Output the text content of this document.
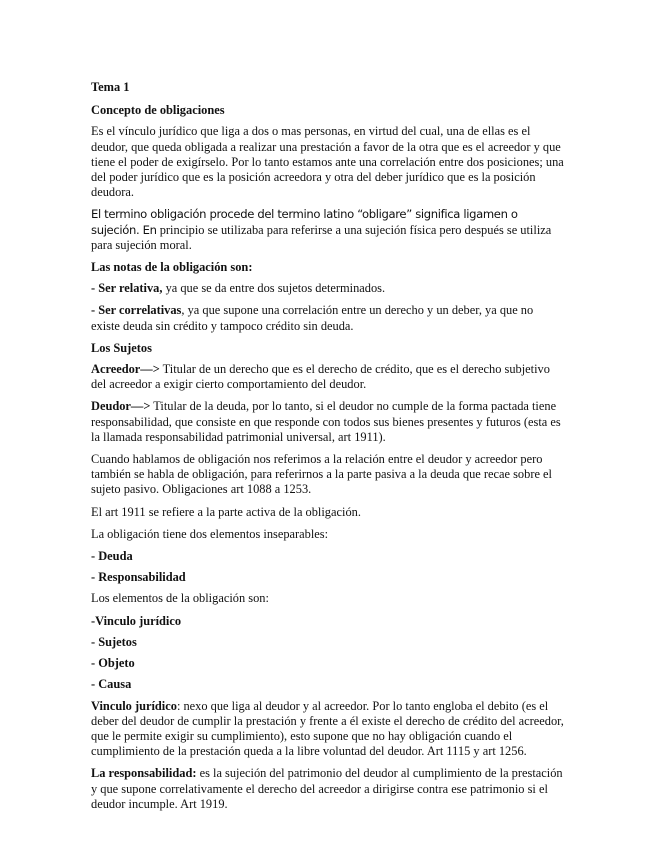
Tema 1

Concepto de obligaciones

Es el vínculo jurídico que liga a dos o mas personas, en virtud del cual, una de ellas es el deudor, que queda obligada a realizar una prestación a favor de la otra que es el acreedor y que tiene el poder de exigírselo. Por lo tanto estamos ante una correlación entre dos posiciones; una del poder jurídico que es la posición acreedora y otra del deber jurídico que es la posición deudora.

El termino obligación procede del termino latino “obligare” significa ligamen o sujeción. En principio se utilizaba para referirse a una sujeción física pero después se utiliza para sujeción moral.

Las notas de la obligación son:

- Ser relativa, ya que se da entre dos sujetos determinados.

- Ser correlativas, ya que supone una correlación entre un derecho y un deber, ya que no existe deuda sin crédito y tampoco crédito sin deuda.

Los Sujetos

Acreedor—> Titular de un derecho que es el derecho de crédito, que es el derecho subjetivo del acreedor a exigir cierto comportamiento del deudor.

Deudor—> Titular de la deuda, por lo tanto, si el deudor no cumple de la forma pactada tiene responsabilidad, que consiste en que responde con todos sus bienes presentes y futuros (esta es la llamada responsabilidad patrimonial universal, art 1911).

Cuando hablamos de obligación nos referimos a la relación entre el deudor y acreedor pero también se habla de obligación, para referirnos a la parte pasiva a la deuda que recae sobre el sujeto pasivo. Obligaciones art 1088 a 1253.

El art 1911 se refiere a la parte activa de la obligación.

La obligación tiene dos elementos inseparables:

- Deuda

- Responsabilidad

Los elementos de la obligación son:

-Vinculo jurídico

- Sujetos

- Objeto

- Causa

Vinculo jurídico: nexo que liga al deudor y al acreedor. Por lo tanto engloba el debito (es el deber del deudor de cumplir la prestación y frente a él existe el derecho de crédito del acreedor, que le permite exigir su cumplimiento), esto supone que no hay obligación cuando el cumplimiento de la prestación queda a la libre voluntad del deudor. Art 1115 y art 1256.

La responsabilidad: es la sujeción del patrimonio del deudor al cumplimiento de la prestación y que supone correlativamente el derecho del acreedor a dirigirse contra ese patrimonio si el deudor incumple. Art 1919.
